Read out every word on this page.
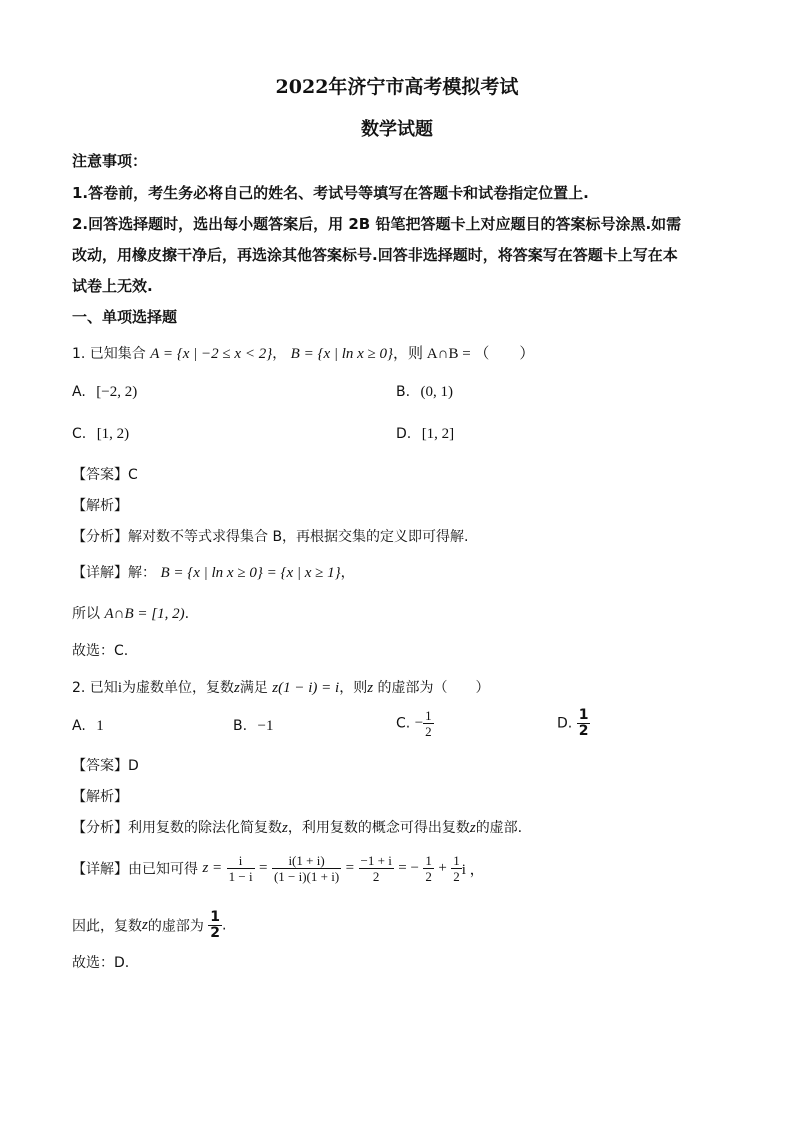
2022年济宁市高考模拟考试
数学试题
注意事项：
1.答卷前，考生务必将自己的姓名、考试号等填写在答题卡和试卷指定位置上.
2.回答选择题时，选出每小题答案后，用 2B 铅笔把答题卡上对应题目的答案标号涂黑.如需
改动，用橡皮擦干净后，再选涂其他答案标号.回答非选择题时，将答案写在答题卡上写在本
试卷上无效.
一、单项选择题
1. 已知集合 A = {x | −2 ≤ x < 2}， B = {x | ln x ≥ 0}，则 A∩B = （　　）
A. [−2, 2)	B. (0, 1)
C. [1, 2)	D. [1, 2]
【答案】C
【解析】
【分析】解对数不等式求得集合 B，再根据交集的定义即可得解.
【详解】解： B = {x | ln x ≥ 0} = {x | x ≥ 1}，
所以 A∩B = [1, 2).
故选：C.
2. 已知i为虚数单位，复数z满足 z(1 − i) = i，则z 的虚部为（　　）
A. 1	B. −1	C. − $\frac{1}{2}$	D. $\frac{1}{2}$
【答案】D
【解析】
【分析】利用复数的除法化简复数z，利用复数的概念可得出复数z的虚部.
【详解】由已知可得 $z = \frac{i}{1 - i} = \frac{i(1 + i)}{(1 - i)(1 + i)} = \frac{-1 + i}{2}$ = − $\frac{1}{2} + \frac{1}{2}$ i ，
因此，复数z的虚部为 $\frac{1}{2}$ .
故选：D.
